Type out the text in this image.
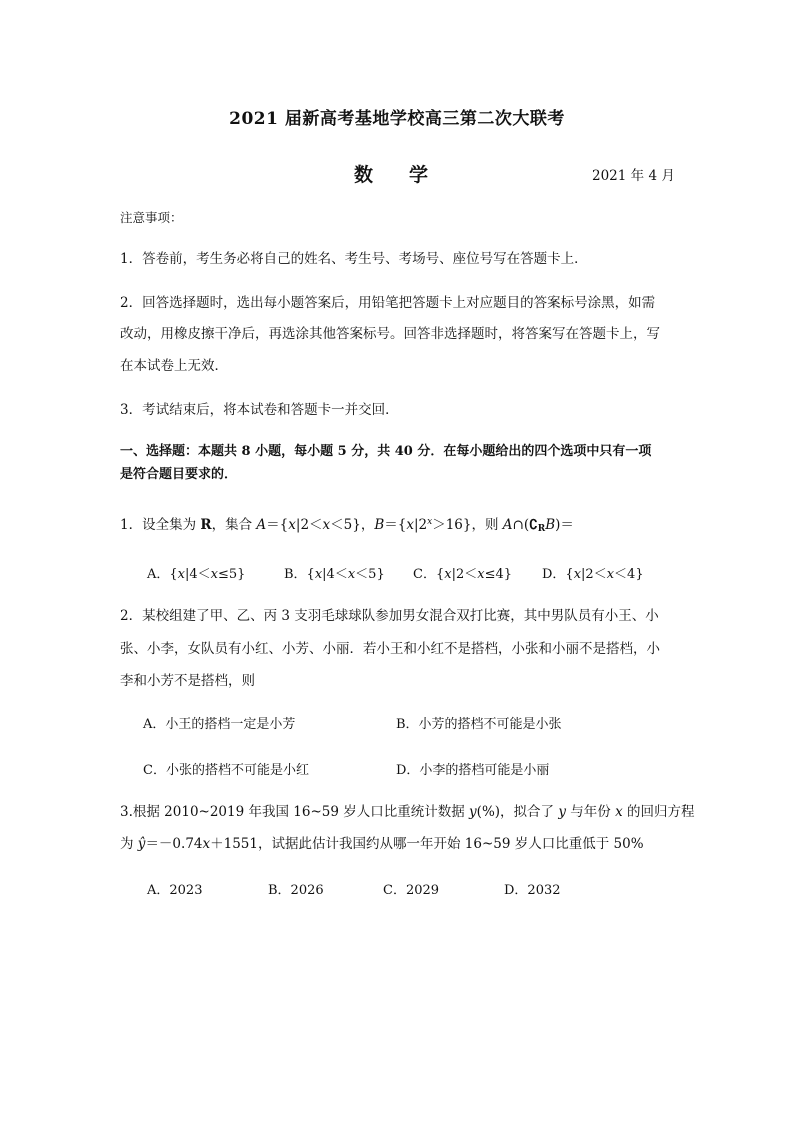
2021 届新高考基地学校高三第二次大联考
数学	2021 年 4 月
注意事项：
1．答卷前，考生务必将自己的姓名、考生号、考场号、座位号写在答题卡上．
2．回答选择题时，选出每小题答案后，用铅笔把答题卡上对应题目的答案标号涂黑，如需
改动，用橡皮擦干净后，再选涂其他答案标号。回答非选择题时，将答案写在答题卡上，写
在本试卷上无效．
3．考试结束后，将本试卷和答题卡一并交回．
一、选择题：本题共 8 小题，每小题 5 分，共 40 分．在每小题给出的四个选项中只有一项
是符合题目要求的．
1．设全集为 R，集合 A＝{x|2＜x＜5}，$B=\{x|2^x>16\}$，则 $A\cap(∁_RB)=$
A．{x|4＜x≤5}	B．{x|4＜x＜5} C．{x|2＜x≤4} D．{x|2＜x＜4}
2．某校组建了甲、乙、丙 3 支羽毛球球队参加男女混合双打比赛，其中男队员有小王、小
张、小李，女队员有小红、小芳、小丽．若小王和小红不是搭档，小张和小丽不是搭档，小
李和小芳不是搭档，则
A．小王的搭档一定是小芳	B．小芳的搭档不可能是小张
C．小张的搭档不可能是小红	D．小李的搭档可能是小丽
3.根据 2010~2019 年我国 16~59 岁人口比重统计数据 y(%)，拟合了 y 与年份 x 的回归方程
为 ŷ＝－0.74x＋1551，试据此估计我国约从哪一年开始 16~59 岁人口比重低于 50%
A．2023	B．2026	C．2029	D．2032
